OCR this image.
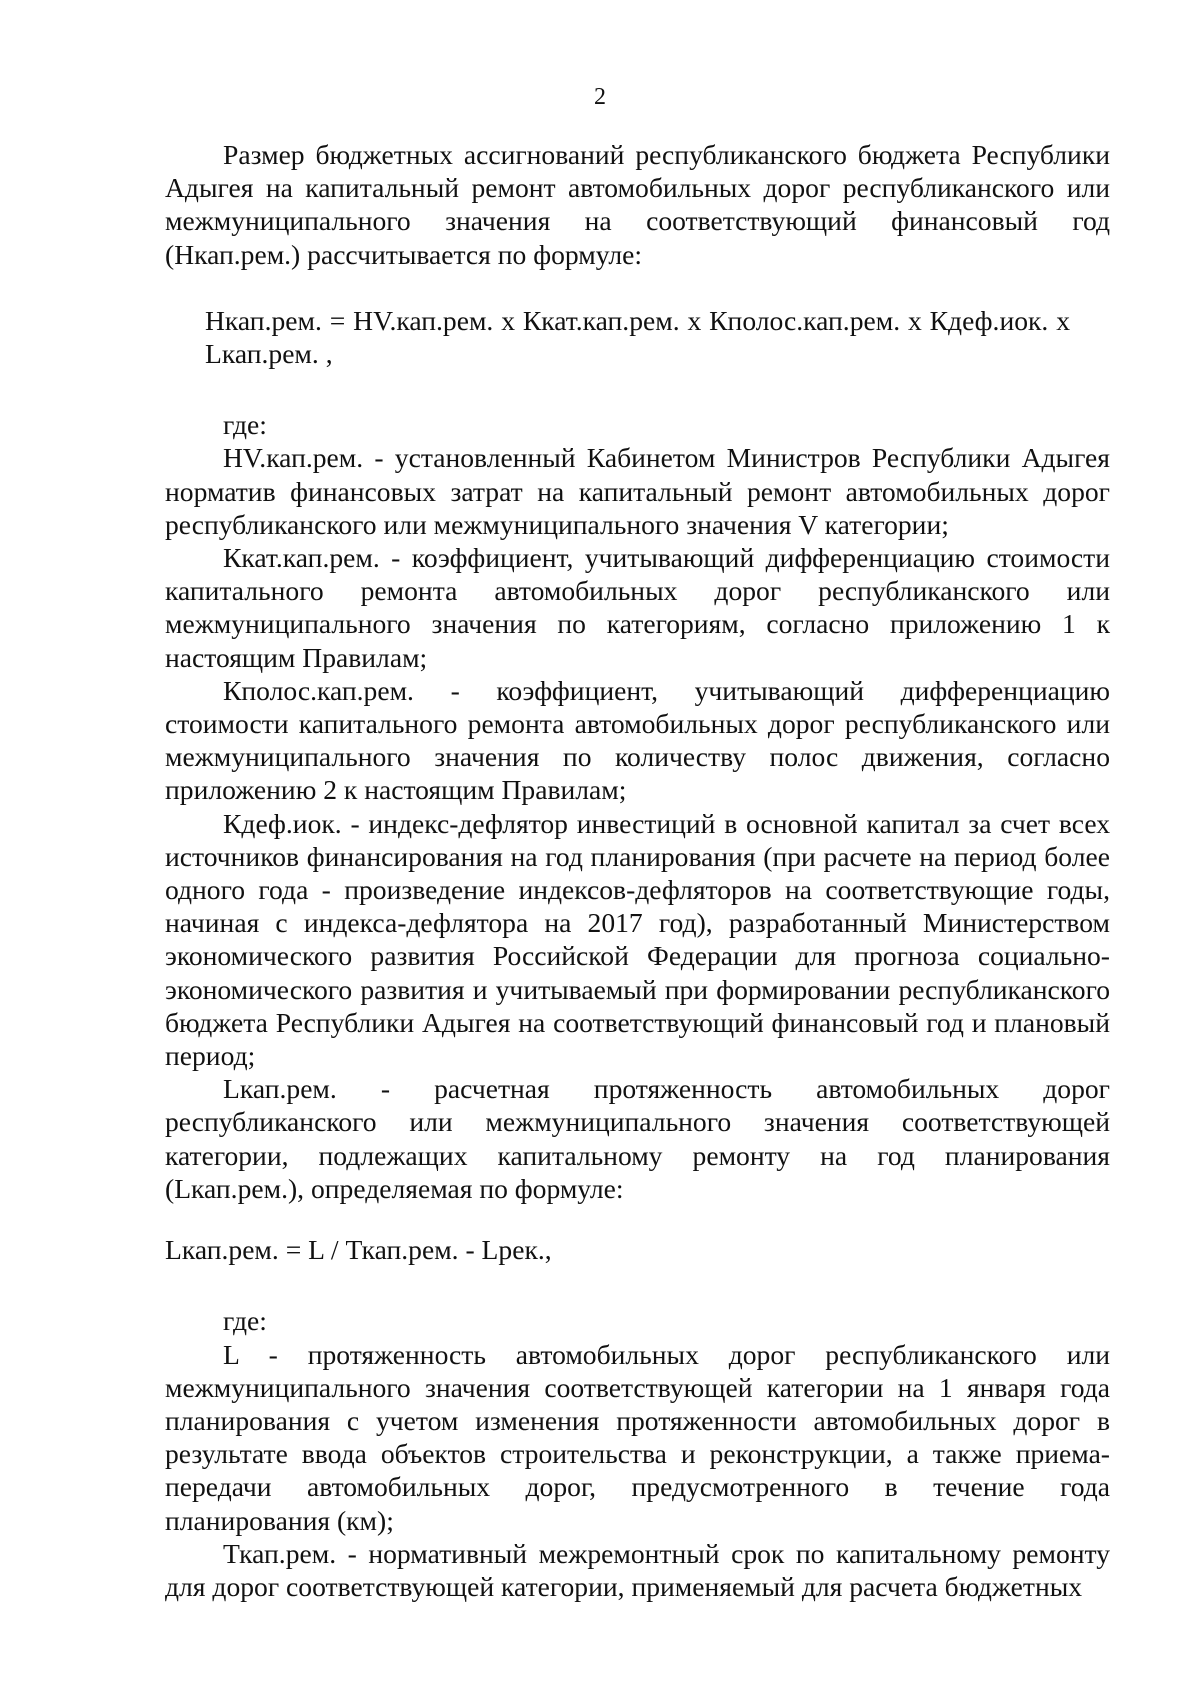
2

Размер бюджетных ассигнований республиканского бюджета Республики Адыгея на капитальный ремонт автомобильных дорог республиканского или межмуниципального значения на соответствующий финансовый год (Нкап.рем.) рассчитывается по формуле:

Нкап.рем. = НV.кап.рем. х Ккат.кап.рем. х Кполос.кап.рем. х Кдеф.иок. х Lкап.рем. ,

где:

НV.кап.рем. - установленный Кабинетом Министров Республики Адыгея норматив финансовых затрат на капитальный ремонт автомобильных дорог республиканского или межмуниципального значения V категории;

Ккат.кап.рем. - коэффициент, учитывающий дифференциацию стоимости капитального ремонта автомобильных дорог республиканского или межмуниципального значения по категориям, согласно приложению 1 к настоящим Правилам;

Кполос.кап.рем. - коэффициент, учитывающий дифференциацию стоимости капитального ремонта автомобильных дорог республиканского или межмуниципального значения по количеству полос движения, согласно приложению 2 к настоящим Правилам;

Кдеф.иок. - индекс-дефлятор инвестиций в основной капитал за счет всех источников финансирования на год планирования (при расчете на период более одного года - произведение индексов-дефляторов на соответствующие годы, начиная с индекса-дефлятора на 2017 год), разработанный Министерством экономического развития Российской Федерации для прогноза социально-экономического развития и учитываемый при формировании республиканского бюджета Республики Адыгея на соответствующий финансовый год и плановый период;

Lкап.рем. - расчетная протяженность автомобильных дорог республиканского или межмуниципального значения соответствующей категории, подлежащих капитальному ремонту на год планирования (Lкап.рем.), определяемая по формуле:

Lкап.рем. = L / Ткап.рем. - Lрек.,

где:

L - протяженность автомобильных дорог республиканского или межмуниципального значения соответствующей категории на 1 января года планирования с учетом изменения протяженности автомобильных дорог в результате ввода объектов строительства и реконструкции, а также приема-передачи автомобильных дорог, предусмотренного в течение года планирования (км);

Ткап.рем. - нормативный межремонтный срок по капитальному ремонту для дорог соответствующей категории, применяемый для расчета бюджетных
